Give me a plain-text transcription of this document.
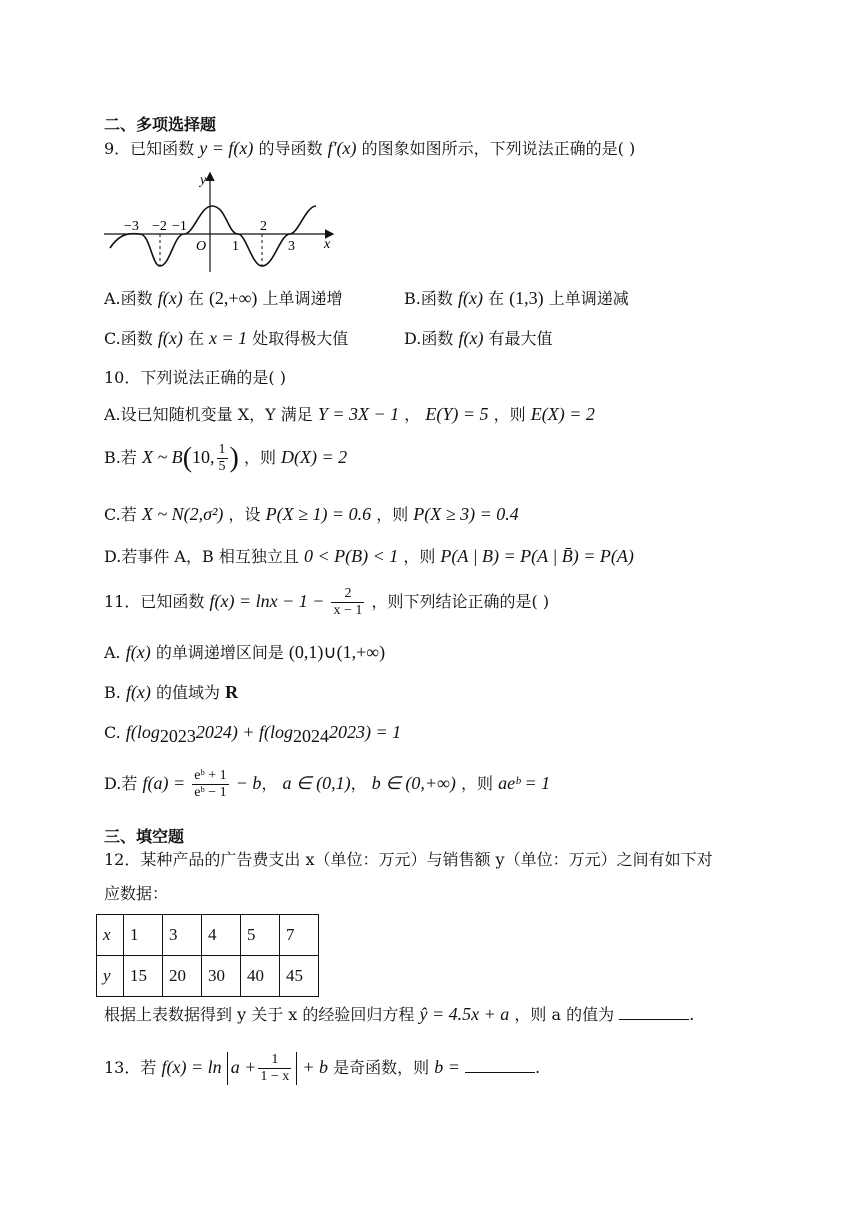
二、多项选择题
9．已知函数 y = f(x) 的导函数 f′(x) 的图象如图所示，下列说法正确的是( )
y
x
O
−3 −2 −1	2
1	3
A.函数 f(x) 在 (2,+∞) 上单调递增	B.函数 f(x) 在 (1,3) 上单调递减
C.函数 f(x) 在 x = 1 处取得极大值	D.函数 f(x) 有最大值
10．下列说法正确的是( )
A.设已知随机变量 X，Y 满足 Y = 3X − 1 ， E(Y) = 5 ，则 E(X) = 2
B.若 X ~ B(10, $\frac{1}{5}$ ) ，则 D(X) = 2
C.若 X ~ N(2,σ²) ，设 P(X ≥ 1) = 0.6 ，则 P(X ≥ 3) = 0.4
D.若事件 A，B 相互独立且 0 < P(B) < 1 ，则 P(A | B) = P(A | B̄) = P(A)
11．已知函数 $f(x) = \ln x - 1 - \frac{2}{x - 1}$ ，则下列结论正确的是( )
A. f(x) 的单调递增区间是 (0,1)∪(1,+∞)
B. f(x) 的值域为 R
C. $f(\log_{2023}2024) + f(\log_{2024}2023) = 1$
D.若 $f(a) = \frac{\text{eᵇ + 1}}{\text{eᵇ − 1}} - b$， a ∈ (0,1)， b ∈ (0,+∞) ，则 aeᵇ = 1
三、填空题
12．某种产品的广告费支出 x（单位：万元）与销售额 y（单位：万元）之间有如下对
应数据：
x	1	3	4	5	7
y	15	20	30	40	45
根据上表数据得到 y 关于 x 的经验回归方程 ŷ = 4.5x + a ，则 a 的值为	.
13．若 $f(x) = \ln a + \frac{1}{1 - x} + b$ 是奇函数，则 b =	.
